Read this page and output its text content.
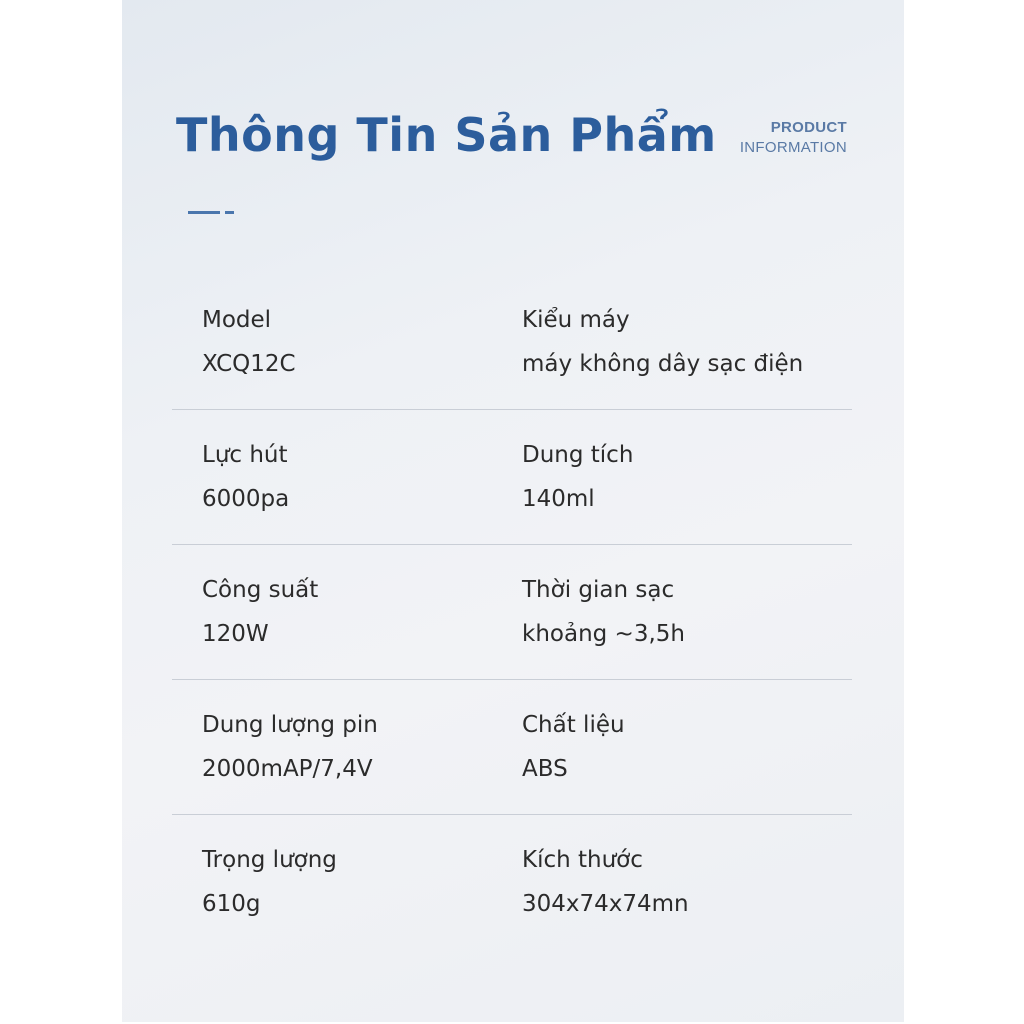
Thông Tin Sản Phẩm	PRODUCT
INFORMATION
Model
XCQ12C
Kiểu máy
máy không dây sạc điện
Lực hút
6000pa
Dung tích
140ml
Công suất
120W
Thời gian sạc
khoảng ~3,5h
Dung lượng pin
2000mAP/7,4V
Chất liệu
ABS
Trọng lượng
610g
Kích thước
304x74x74mn
